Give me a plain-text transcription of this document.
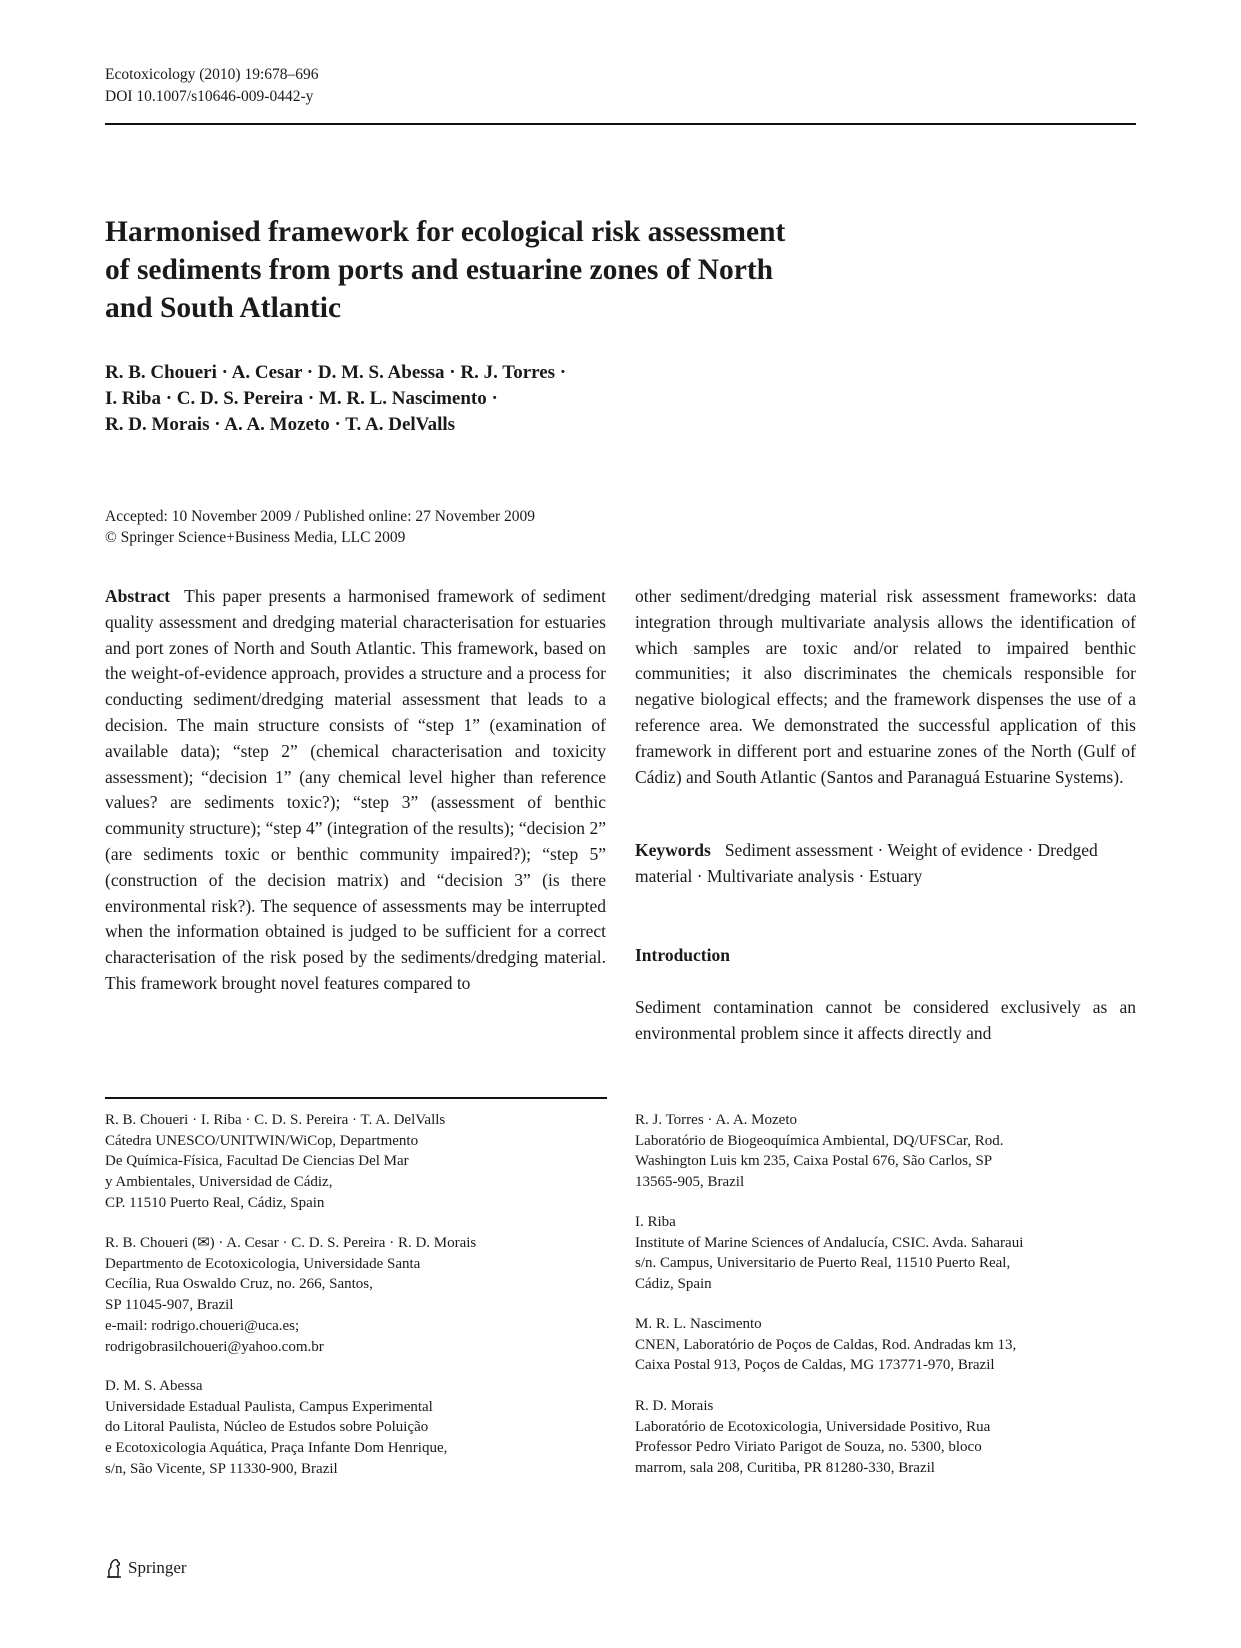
Ecotoxicology (2010) 19:678–696
DOI 10.1007/s10646-009-0442-y
Harmonised framework for ecological risk assessment
of sediments from ports and estuarine zones of North
and South Atlantic
R. B. Choueri · A. Cesar · D. M. S. Abessa · R. J. Torres ·
I. Riba · C. D. S. Pereira · M. R. L. Nascimento ·
R. D. Morais · A. A. Mozeto · T. A. DelValls
Accepted: 10 November 2009 / Published online: 27 November 2009
© Springer Science+Business Media, LLC 2009

Abstract This paper presents a harmonised framework of sediment quality assessment and dredging material characterisation for estuaries and port zones of North and South Atlantic. This framework, based on the weight-of-evidence approach, provides a structure and a process for conducting sediment/dredging material assessment that leads to a decision. The main structure consists of “step 1” (examination of available data); “step 2” (chemical characterisation and toxicity assessment); “decision 1” (any chemical level higher than reference values? are sediments toxic?); “step 3” (assessment of benthic community structure); “step 4” (integration of the results); “decision 2” (are sediments toxic or benthic community impaired?); “step 5” (construction of the decision matrix) and “decision 3” (is there environmental risk?). The sequence of assessments may be interrupted when the information obtained is judged to be sufficient for a correct characterisation of the risk posed by the sediments/dredging material. This framework brought novel features compared to

other sediment/dredging material risk assessment frameworks: data integration through multivariate analysis allows the identification of which samples are toxic and/or related to impaired benthic communities; it also discriminates the chemicals responsible for negative biological effects; and the framework dispenses the use of a reference area. We demonstrated the successful application of this framework in different port and estuarine zones of the North (Gulf of Cádiz) and South Atlantic (Santos and Paranaguá Estuarine Systems).

Keywords Sediment assessment · Weight of evidence · Dredged material · Multivariate analysis · Estuary
Introduction
Sediment contamination cannot be considered exclusively as an environmental problem since it affects directly and
R. B. Choueri · I. Riba · C. D. S. Pereira · T. A. DelValls
Cátedra UNESCO/UNITWIN/WiCop, Departmento
De Química-Física, Facultad De Ciencias Del Mar
y Ambientales, Universidad de Cádiz,
CP. 11510 Puerto Real, Cádiz, Spain
R. B. Choueri (✉) · A. Cesar · C. D. S. Pereira · R. D. Morais
Departmento de Ecotoxicologia, Universidade Santa
Cecília, Rua Oswaldo Cruz, no. 266, Santos,
SP 11045-907, Brazil
e-mail: rodrigo.choueri@uca.es;
rodrigobrasilchoueri@yahoo.com.br
D. M. S. Abessa
Universidade Estadual Paulista, Campus Experimental
do Litoral Paulista, Núcleo de Estudos sobre Poluição
e Ecotoxicologia Aquática, Praça Infante Dom Henrique,
s/n, São Vicente, SP 11330-900, Brazil
R. J. Torres · A. A. Mozeto
Laboratório de Biogeoquímica Ambiental, DQ/UFSCar, Rod.
Washington Luis km 235, Caixa Postal 676, São Carlos, SP
13565-905, Brazil
I. Riba
Institute of Marine Sciences of Andalucía, CSIC. Avda. Saharaui
s/n. Campus, Universitario de Puerto Real, 11510 Puerto Real,
Cádiz, Spain
M. R. L. Nascimento
CNEN, Laboratório de Poços de Caldas, Rod. Andradas km 13,
Caixa Postal 913, Poços de Caldas, MG 173771-970, Brazil
R. D. Morais
Laboratório de Ecotoxicologia, Universidade Positivo, Rua
Professor Pedro Viriato Parigot de Souza, no. 5300, bloco
marrom, sala 208, Curitiba, PR 81280-330, Brazil
Springer
